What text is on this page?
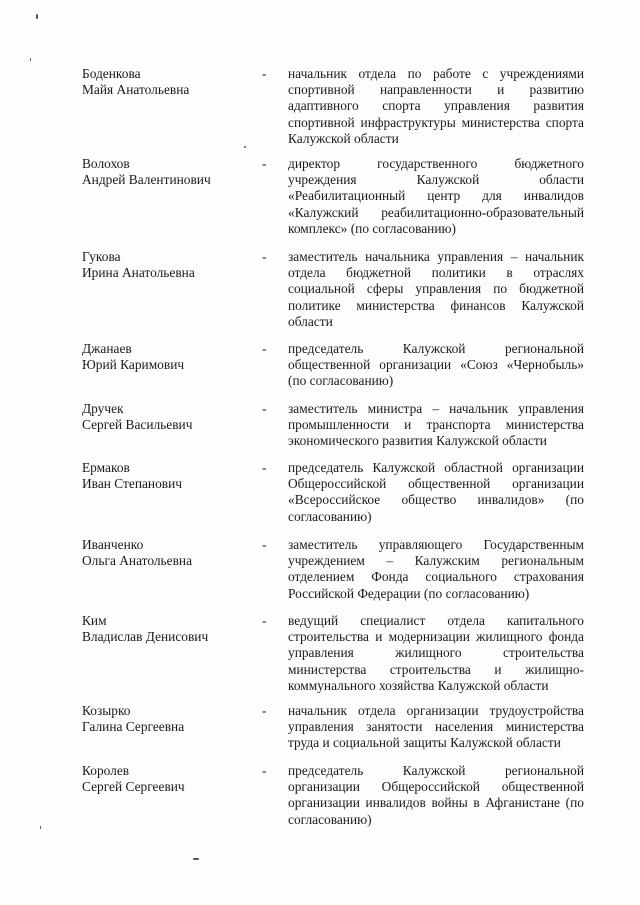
Боденкова
Майя Анатольевна
- начальник отдела по работе с учреждениями спортивной направленности и развитию адаптивного спорта управления развития спортивной инфраструктуры министерства спорта Калужской области
Волохов
Андрей Валентинович
- директор государственного бюджетного учреждения Калужской области «Реабилитационный центр для инвалидов «Калужский реабилитационно-образовательный комплекс» (по согласованию)
Гукова
Ирина Анатольевна
- заместитель начальника управления – начальник отдела бюджетной политики в отраслях социальной сферы управления по бюджетной политике министерства финансов Калужской области
Джанаев
Юрий Каримович
- председатель Калужской региональной общественной организации «Союз «Чернобыль» (по согласованию)
Дручек
Сергей Васильевич
- заместитель министра – начальник управления промышленности и транспорта министерства экономического развития Калужской области
Ермаков
Иван Степанович
- председатель Калужской областной организации Общероссийской общественной организации «Всероссийское общество инвалидов» (по согласованию)
Иванченко
Ольга Анатольевна
- заместитель управляющего Государственным учреждением – Калужским региональным отделением Фонда социального страхования Российской Федерации (по согласованию)
Ким
Владислав Денисович
- ведущий специалист отдела капитального строительства и модернизации жилищного фонда управления жилищного строительства министерства строительства и жилищно-коммунального хозяйства Калужской области
Козырко
Галина Сергеевна
- начальник отдела организации трудоустройства управления занятости населения министерства труда и социальной защиты Калужской области
Королев
Сергей Сергеевич
- председатель Калужской региональной организации Общероссийской общественной организации инвалидов войны в Афганистане (по согласованию)
